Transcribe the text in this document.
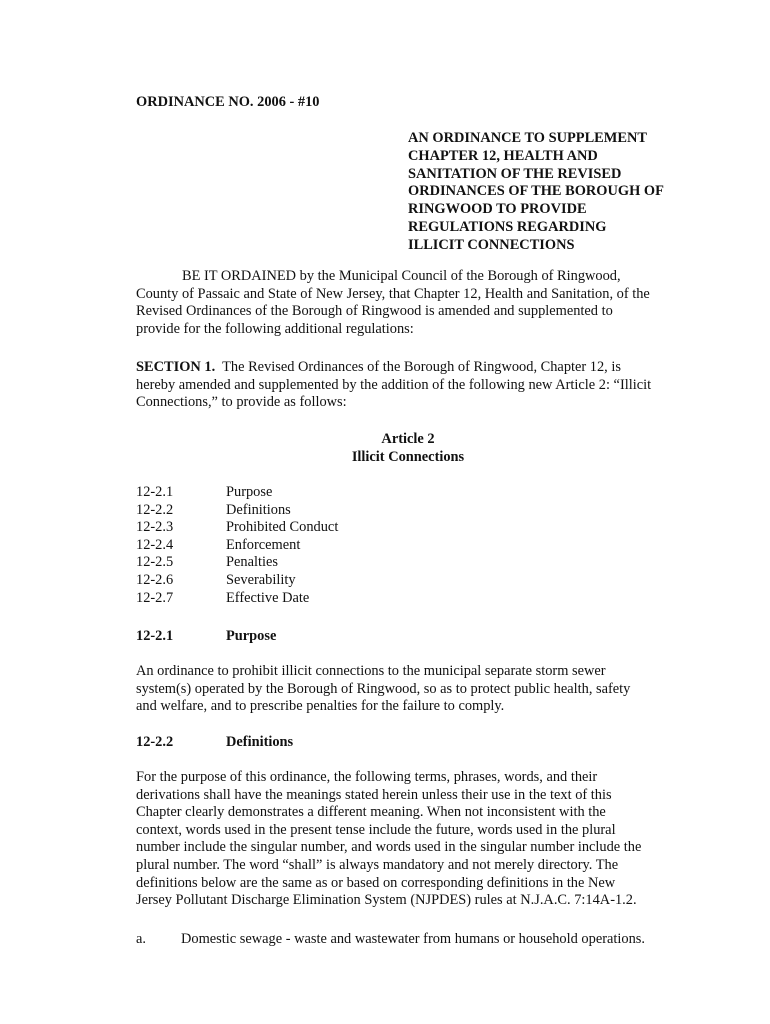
ORDINANCE NO. 2006 - #10
AN ORDINANCE TO SUPPLEMENT
CHAPTER 12, HEALTH AND
SANITATION OF THE REVISED
ORDINANCES OF THE BOROUGH OF
RINGWOOD TO PROVIDE
REGULATIONS REGARDING
ILLICIT CONNECTIONS
BE IT ORDAINED by the Municipal Council of the Borough of Ringwood,
County of Passaic and State of New Jersey, that Chapter 12, Health and Sanitation, of the
Revised Ordinances of the Borough of Ringwood is amended and supplemented to
provide for the following additional regulations:
SECTION 1.  The Revised Ordinances of the Borough of Ringwood, Chapter 12, is
hereby amended and supplemented by the addition of the following new Article 2: “Illicit
Connections,” to provide as follows:
Article 2
Illicit Connections
12-2.1	Purpose
12-2.2	Definitions
12-2.3	Prohibited Conduct
12-2.4	Enforcement
12-2.5	Penalties
12-2.6	Severability
12-2.7	Effective Date
12-2.1	Purpose
An ordinance to prohibit illicit connections to the municipal separate storm sewer
system(s) operated by the Borough of Ringwood, so as to protect public health, safety
and welfare, and to prescribe penalties for the failure to comply.
12-2.2	Definitions
For the purpose of this ordinance, the following terms, phrases, words, and their
derivations shall have the meanings stated herein unless their use in the text of this
Chapter clearly demonstrates a different meaning. When not inconsistent with the
context, words used in the present tense include the future, words used in the plural
number include the singular number, and words used in the singular number include the
plural number. The word “shall” is always mandatory and not merely directory. The
definitions below are the same as or based on corresponding definitions in the New
Jersey Pollutant Discharge Elimination System (NJPDES) rules at N.J.A.C. 7:14A-1.2.
a.	Domestic sewage - waste and wastewater from humans or household operations.
